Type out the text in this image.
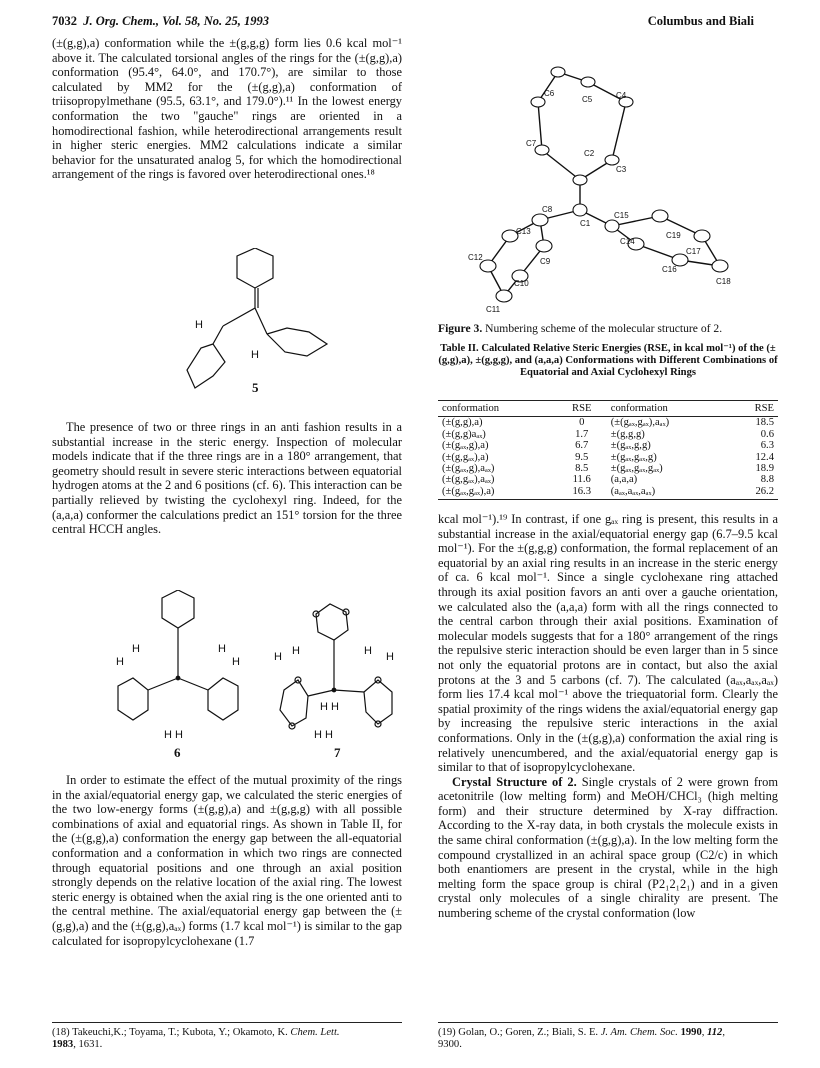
7032 J. Org. Chem., Vol. 58, No. 25, 1993	Columbus and Biali

(±(g,g),a) conformation while the ±(g,g,g) form lies 0.6 kcal mol⁻¹ above it. The calculated torsional angles of the rings for the (±(g,g),a) conformation (95.4°, 64.0°, and 170.7°), are similar to those calculated by MM2 for the (±(g,g),a) conformation of triisopropylmethane (95.5, 63.1°, and 179.0°).¹¹ In the lowest energy conformation the two "gauche" rings are oriented in a homodirectional fashion, while heterodirectional arrangements result in higher steric energies. MM2 calculations indicate a similar behavior for the unsaturated analog 5, for which the homodirectional arrangement of the rings is favored over heterodirectional ones.¹⁸

H
H
5

The presence of two or three rings in an anti fashion results in a substantial increase in the steric energy. Inspection of molecular models indicate that if the three rings are in a 180° arrangement, that geometry should result in severe steric interactions between equatorial hydrogen atoms at the 2 and 6 positions (cf. 6). This interaction can be partially relieved by twisting the cyclohexyl ring. Indeed, for the (a,a,a) conformer the calculations predict an 151° torsion for the three central HCCH angles.

H
H
H
H
H H
6
H H	H H
H H
H H
7

In order to estimate the effect of the mutual proximity of the rings in the axial/equatorial energy gap, we calculated the steric energies of the two low-energy forms (±(g,g),a) and ±(g,g,g) with all possible combinations of axial and equatorial rings. As shown in Table II, for the (±(g,g),a) conformation the energy gap between the all-equatorial conformation and a conformation in which two rings are connected through equatorial positions and one through an axial position strongly depends on the relative location of the axial ring. The lowest steric energy is obtained when the axial ring is the one oriented anti to the central methine. The axial/equatorial energy gap between the (±(g,g),a) and the (±(g,g),aₐₓ) forms (1.7 kcal mol⁻¹) is similar to the gap calculated for isopropylcyclohexane (1.7

C6
C5	C4
C7
C2
C3
C8
C1
C15
C13	C19
C14
C12	C9
C17
C16
C10	C18
C11
Figure 3. Numbering scheme of the molecular structure of 2.
Table II. Calculated Relative Steric Energies (RSE, in kcal mol⁻¹) of the (±(g,g),a), ±(g,g,g), and (a,a,a) Conformations with Different Combinations of Equatorial and Axial Cyclohexyl Rings
conformation	RSE	conformation	RSE
(±(g,g),a)	0	(±(gₐₓ,gₐₓ),aₐₓ)	18.5
(±(g,g)aₐₓ)	1.7	±(g,g,g)	0.6
(±(gₐₓ,g),a)	6.7	±(gₐₓ,g,g)	6.3
(±(g,gₐₓ),a)	9.5	±(gₐₓ,gₐₓ,g)	12.4
(±(gₐₓ,g),aₐₓ)	8.5	±(gₐₓ,gₐₓ,gₐₓ)	18.9
(±(g,gₐₓ),aₐₓ)	11.6	(a,a,a)	8.8
(±(gₐₓ,gₐₓ),a)	16.3	(aₐₓ,aₐₓ,aₐₓ)	26.2

kcal mol⁻¹).¹⁹ In contrast, if one gₐₓ ring is present, this results in a substantial increase in the axial/equatorial energy gap (6.7–9.5 kcal mol⁻¹). For the ±(g,g,g) conformation, the formal replacement of an equatorial by an axial ring results in an increase in the steric energy of ca. 6 kcal mol⁻¹. Since a single cyclohexane ring attached through its axial position favors an anti over a gauche orientation, we calculated also the (a,a,a) form with all the rings connected to the central carbon through their axial positions. Examination of molecular models suggests that for a 180° arrangement of the rings the repulsive steric interaction should be even larger than in 5 since not only the equatorial protons are in contact, but also the axial protons at the 3 and 5 carbons (cf. 7). The calculated (aₐₓ,aₐₓ,aₐₓ) form lies 17.4 kcal mol⁻¹ above the triequatorial form. Clearly the spatial proximity of the rings widens the axial/equatorial energy gap by increasing the repulsive steric interactions in the axial conformations. Only in the (±(g,g),a) conformation the axial ring is relatively unencumbered, and the axial/equatorial energy gap is similar to that of isopropylcyclohexane.

Crystal Structure of 2. Single crystals of 2 were grown from acetonitrile (low melting form) and MeOH/CHCl₃ (high melting form) and their structure determined by X-ray diffraction. According to the X-ray data, in both crystals the molecule exists in the same chiral conformation (±(g,g),a). In the low melting form the compound crystallized in an achiral space group (C2/c) in which both enantiomers are present in the crystal, while in the high melting form the space group is chiral (P2₁2₁2₁) and in a given crystal only molecules of a single chirality are present. The numbering scheme of the crystal conformation (low

(18) Takeuchi,K.; Toyama, T.; Kubota, Y.; Okamoto, K. Chem. Lett.
1983, 1631.
(19) Golan, O.; Goren, Z.; Biali, S. E. J. Am. Chem. Soc. 1990, 112,
9300.
